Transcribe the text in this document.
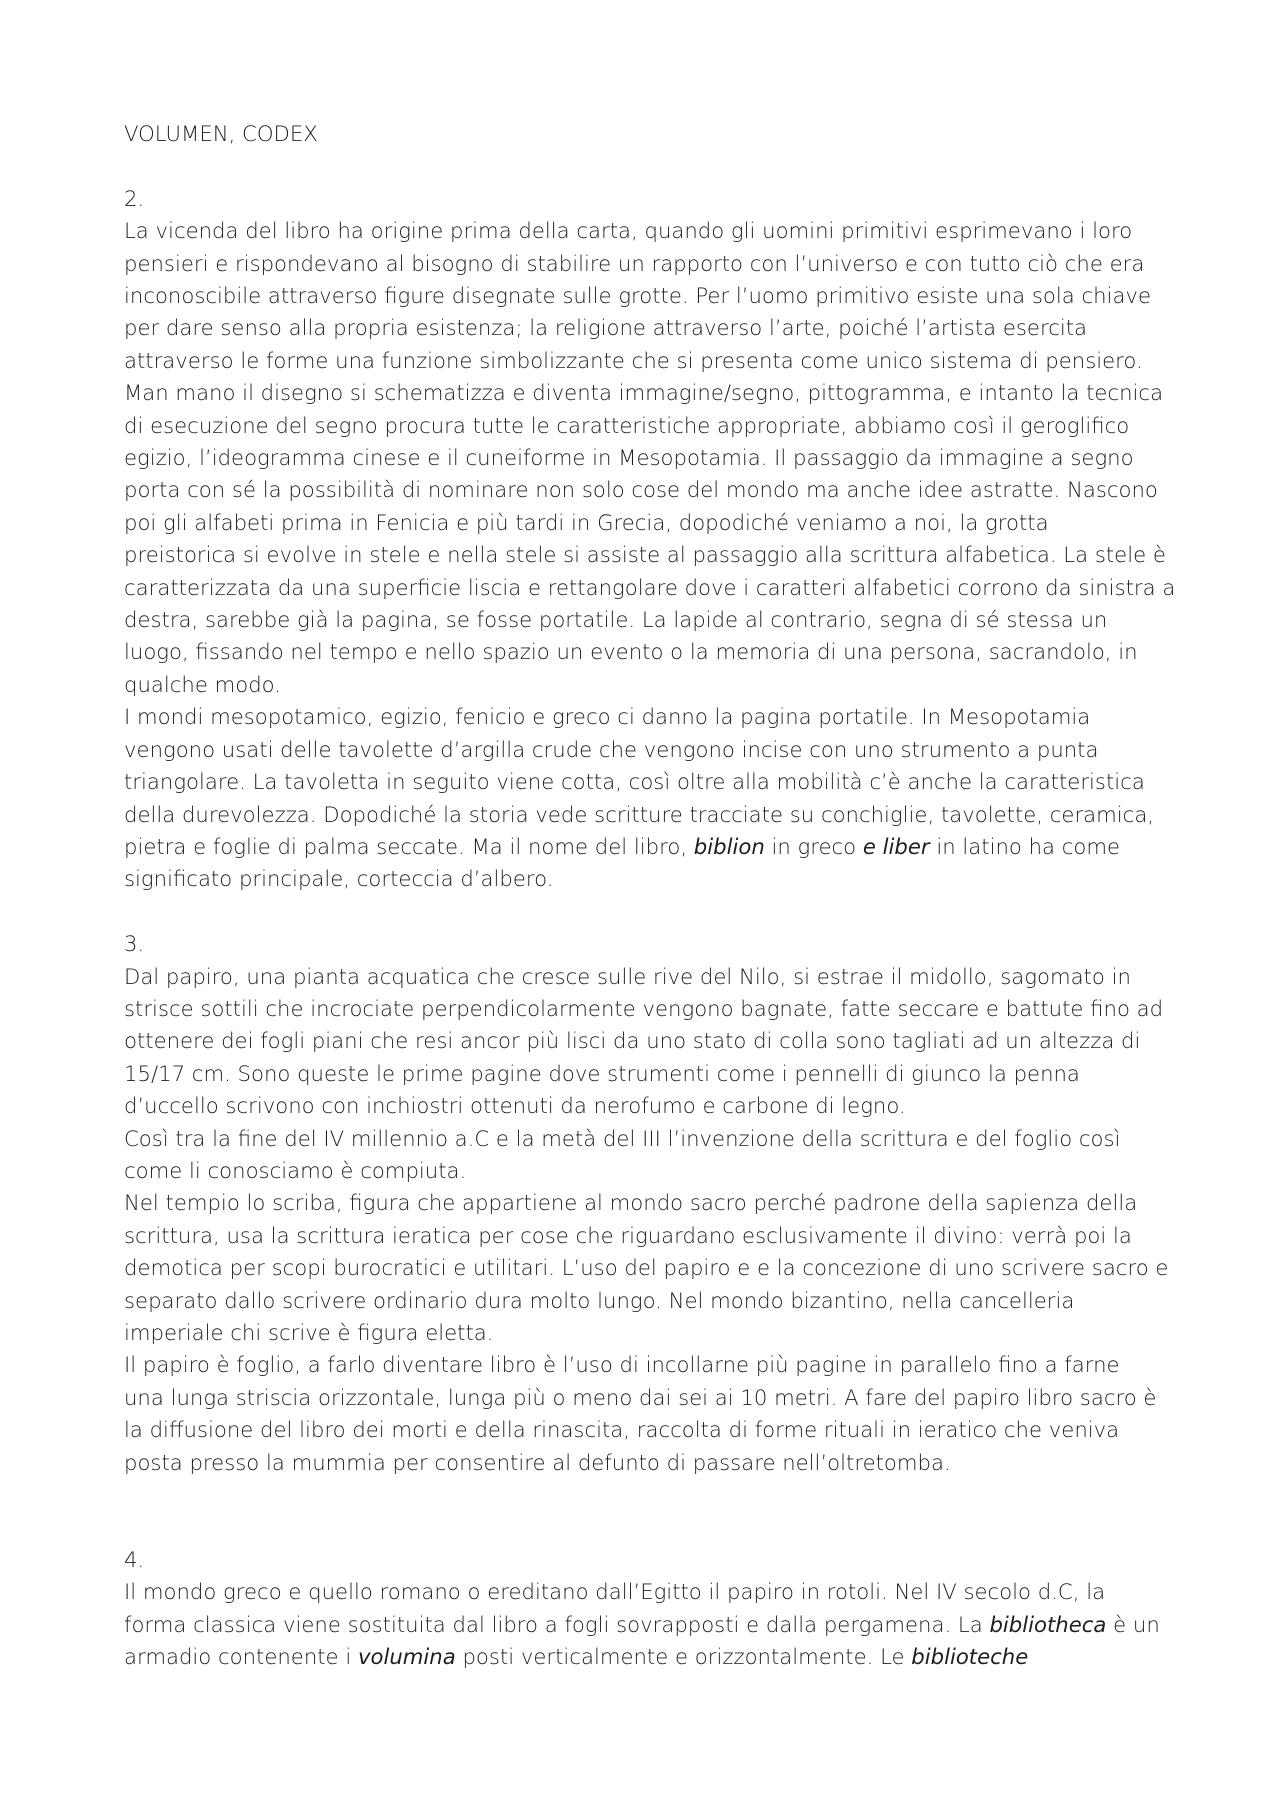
VOLUMEN, CODEX
2.
La vicenda del libro ha origine prima della carta, quando gli uomini primitivi esprimevano i loro
pensieri e rispondevano al bisogno di stabilire un rapporto con l’universo e con tutto ciò che era
inconoscibile attraverso figure disegnate sulle grotte. Per l’uomo primitivo esiste una sola chiave
per dare senso alla propria esistenza; la religione attraverso l’arte, poiché l’artista esercita
attraverso le forme una funzione simbolizzante che si presenta come unico sistema di pensiero.
Man mano il disegno si schematizza e diventa immagine/segno, pittogramma, e intanto la tecnica
di esecuzione del segno procura tutte le caratteristiche appropriate, abbiamo così il geroglifico
egizio, l’ideogramma cinese e il cuneiforme in Mesopotamia. Il passaggio da immagine a segno
porta con sé la possibilità di nominare non solo cose del mondo ma anche idee astratte. Nascono
poi gli alfabeti prima in Fenicia e più tardi in Grecia, dopodiché veniamo a noi, la grotta
preistorica si evolve in stele e nella stele si assiste al passaggio alla scrittura alfabetica. La stele è
caratterizzata da una superficie liscia e rettangolare dove i caratteri alfabetici corrono da sinistra a
destra, sarebbe già la pagina, se fosse portatile. La lapide al contrario, segna di sé stessa un
luogo, fissando nel tempo e nello spazio un evento o la memoria di una persona, sacrandolo, in
qualche modo.
I mondi mesopotamico, egizio, fenicio e greco ci danno la pagina portatile. In Mesopotamia
vengono usati delle tavolette d’argilla crude che vengono incise con uno strumento a punta
triangolare. La tavoletta in seguito viene cotta, così oltre alla mobilità c’è anche la caratteristica
della durevolezza. Dopodiché la storia vede scritture tracciate su conchiglie, tavolette, ceramica,
pietra e foglie di palma seccate. Ma il nome del libro, biblion in greco e liber in latino ha come
significato principale, corteccia d’albero.
3.
Dal papiro, una pianta acquatica che cresce sulle rive del Nilo, si estrae il midollo, sagomato in
strisce sottili che incrociate perpendicolarmente vengono bagnate, fatte seccare e battute fino ad
ottenere dei fogli piani che resi ancor più lisci da uno stato di colla sono tagliati ad un altezza di
15/17 cm. Sono queste le prime pagine dove strumenti come i pennelli di giunco la penna
d’uccello scrivono con inchiostri ottenuti da nerofumo e carbone di legno.
Così tra la fine del IV millennio a.C e la metà del III l’invenzione della scrittura e del foglio così
come li conosciamo è compiuta.
Nel tempio lo scriba, figura che appartiene al mondo sacro perché padrone della sapienza della
scrittura, usa la scrittura ieratica per cose che riguardano esclusivamente il divino: verrà poi la
demotica per scopi burocratici e utilitari. L’uso del papiro e e la concezione di uno scrivere sacro e
separato dallo scrivere ordinario dura molto lungo. Nel mondo bizantino, nella cancelleria
imperiale chi scrive è figura eletta.
Il papiro è foglio, a farlo diventare libro è l’uso di incollarne più pagine in parallelo fino a farne
una lunga striscia orizzontale, lunga più o meno dai sei ai 10 metri. A fare del papiro libro sacro è
la diffusione del libro dei morti e della rinascita, raccolta di forme rituali in ieratico che veniva
posta presso la mummia per consentire al defunto di passare nell’oltretomba.
4.
Il mondo greco e quello romano o ereditano dall’Egitto il papiro in rotoli. Nel IV secolo d.C, la
forma classica viene sostituita dal libro a fogli sovrapposti e dalla pergamena. La bibliotheca è un
armadio contenente i volumina posti verticalmente e orizzontalmente. Le biblioteche
